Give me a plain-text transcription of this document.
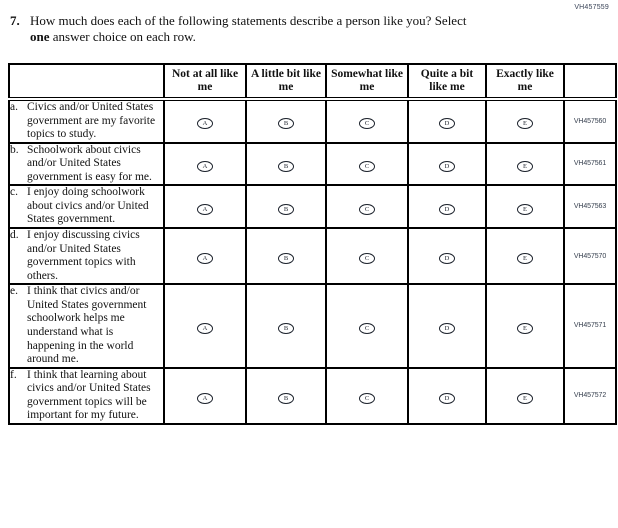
VH457559
7. How much does each of the following statements describe a person like you? Select
one answer choice on each row.
	Not at all like me	A little bit like me	Somewhat like me	Quite a bit like me	Exactly like me	

a. Civics and/or United States government are my favorite topics to study.	A	B	C	D	E	VH457560

b. Schoolwork about civics and/or United States government is easy for me.	A	B	C	D	E	VH457561

c. I enjoy doing schoolwork about civics and/or United States government.	A	B	C	D	E	VH457563

d. I enjoy discussing civics and/or United States government topics with others.	A	B	C	D	E	VH457570

e. I think that civics and/or United States government schoolwork helps me understand what is happening in the world around me.	A	B	C	D	E	VH457571

f. I think that learning about civics and/or United States government topics will be important for my future.	A	B	C	D	E	VH457572
